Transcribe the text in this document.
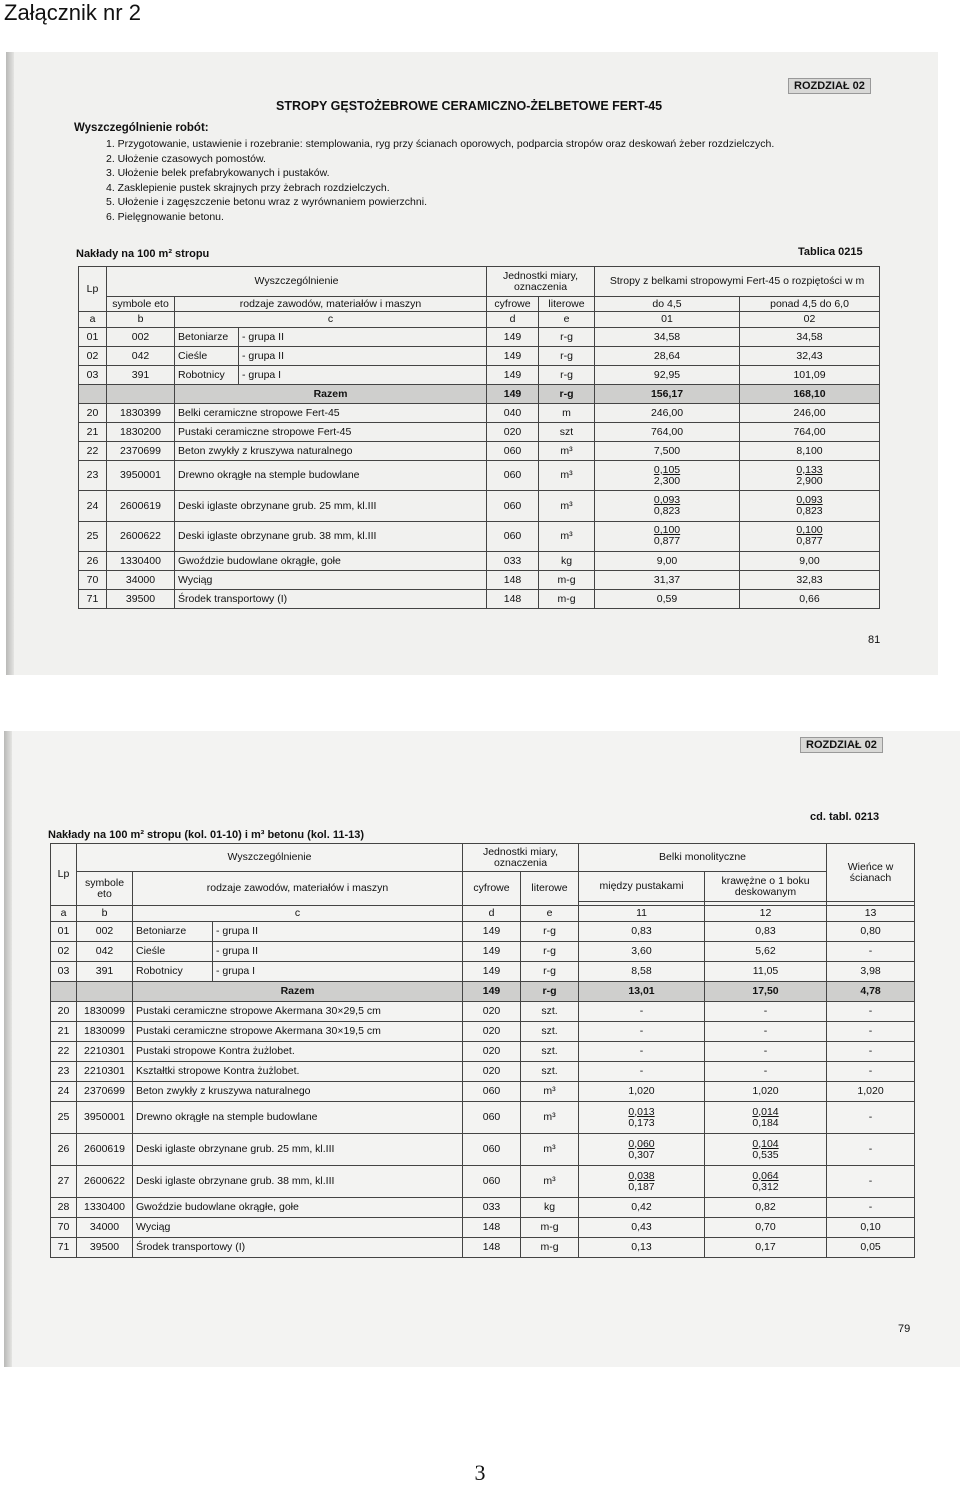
Załącznik nr 2
ROZDZIAŁ 02
STROPY GĘSTOŻEBROWE CERAMICZNO-ŻELBETOWE FERT-45
Wyszczególnienie robót:
1. Przygotowanie, ustawienie i rozebranie: stemplowania, ryg przy ścianach oporowych, podparcia stropów oraz deskowań żeber rozdzielczych.
2. Ułożenie czasowych pomostów.
3. Ułożenie belek prefabrykowanych i pustaków.
4. Zasklepienie pustek skrajnych przy żebrach rozdzielczych.
5. Ułożenie i zagęszczenie betonu wraz z wyrównaniem powierzchni.
6. Pielęgnowanie betonu.
Nakłady na 100 m² stropu	Tablica 0215
Lp	Wyszczególnienie			Jednostki miary, oznaczenia		Stropy z belkami stropowymi Fert-45 o rozpiętości w m	
	symbole eto	rodzaje zawodów, materiałów i maszyn		cyfrowe	literowe	do 4,5	ponad 4,5 do 6,0
a	b	c		d	e	01	02
01	002	Betoniarze	- grupa II	149	r-g	34,58	34,58
02	042	Cieśle	- grupa II	149	r-g	28,64	32,43
03	391	Robotnicy	- grupa I	149	r-g	92,95	101,09
		Razem		149	r-g	156,17	168,10
20	1830399	Belki ceramiczne stropowe Fert-45		040	m	246,00	246,00
21	1830200	Pustaki ceramiczne stropowe Fert-45		020	szt	764,00	764,00
22	2370699	Beton zwykły z kruszywa naturalnego		060	m³	7,500	8,100
23	3950001	Drewno okrągłe na stemple budowlane		060	m³	$\frac{0,105}{2,300}$	$\frac{0,133}{2,900}$

24	2600619	Deski iglaste obrzynane grub. 25 mm, kl.III		060	m³	$\frac{0,093}{0,823}$	$\frac{0,093}{0,823}$

25	2600622	Deski iglaste obrzynane grub. 38 mm, kl.III		060	m³	$\frac{0,100}{0,877}$	$\frac{0,100}{0,877}$

26	1330400	Gwoździe budowlane okrągłe, gołe		033	kg	9,00	9,00
70	34000	Wyciąg		148	m-g	31,37	32,83
71	39500	Środek transportowy (I)		148	m-g	0,59	0,66
81
ROZDZIAŁ 02
Nakłady na 100 m² stropu (kol. 01-10) i m³ betonu (kol. 11-13)
cd. tabl. 0213
Lp	Wyszczególnienie			Jednostki miary, oznaczenia		Belki monolityczne		Wieńce w ścianach
	symbole eto	rodzaje zawodów, materiałów i maszyn		cyfrowe	literowe	między pustakami	krawężne o 1 boku deskowanym	

a	b	c		d	e	11	12	13
01	002	Betoniarze	- grupa II	149	r-g	0,83	0,83	0,80
02	042	Cieśle	- grupa II	149	r-g	3,60	5,62	-
03	391	Robotnicy	- grupa I	149	r-g	8,58	11,05	3,98
		Razem		149	r-g	13,01	17,50	4,78
20	1830099	Pustaki ceramiczne stropowe Akermana 30×29,5 cm		020	szt.	-	-	-
21	1830099	Pustaki ceramiczne stropowe Akermana 30×19,5 cm		020	szt.	-	-	-
22	2210301	Pustaki stropowe Kontra żużlobet.		020	szt.	-	-	-
23	2210301	Kształtki stropowe Kontra żużlobet.		020	szt.	-	-	-
24	2370699	Beton zwykły z kruszywa naturalnego		060	m³	1,020	1,020	1,020
25	3950001	Drewno okrągłe na stemple budowlane		060	m³	$\frac{0,013}{0,173}$	$\frac{0,014}{0,184}$	-
26	2600619	Deski iglaste obrzynane grub. 25 mm, kl.III		060	m³	$\frac{0,060}{0,307}$	$\frac{0,104}{0,535}$	-
27	2600622	Deski iglaste obrzynane grub. 38 mm, kl.III		060	m³	$\frac{0,038}{0,187}$	$\frac{0,064}{0,312}$	-
28	1330400	Gwoździe budowlane okrągłe, gołe		033	kg	0,42	0,82	-
70	34000	Wyciąg		148	m-g	0,43	0,70	0,10
71	39500	Środek transportowy (I)		148	m-g	0,13	0,17	0,05
79
3
